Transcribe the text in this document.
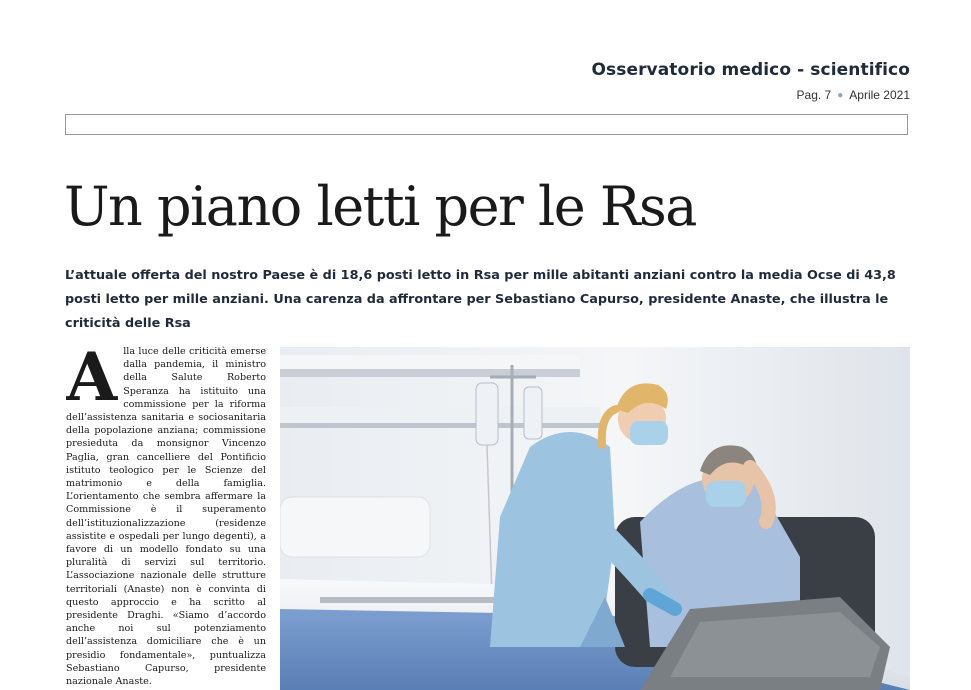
Osservatorio medico - scientifico
Pag. 7 ● Aprile 2021
Un piano letti per le Rsa

L’attuale offerta del nostro Paese è di 18,6 posti letto in Rsa per mille abitanti anziani contro la media Ocse di 43,8 posti letto per mille anziani. Una carenza da affrontare per Sebastiano Capurso, presidente Anaste, che illustra le criticità delle Rsa

A lla luce delle criticità emerse dalla pandemia, il ministro della Salute Roberto Speranza ha istituito una commissione per la riforma dell’assistenza sanitaria e sociosanitaria della popolazione anziana; commissione presieduta da monsignor Vincenzo Paglia, gran cancelliere del Pontificio istituto teologico per le Scienze del matrimonio e della famiglia. L’orientamento che sembra affermare la Commissione è il superamento dell’istituzionalizzazione (residenze assistite e ospedali per lungo degenti), a favore di un modello fondato su una pluralità di servizi sul territorio. L’associazione nazionale delle strutture territoriali (Anaste) non è convinta di questo approccio e ha scritto al presidente Draghi. «Siamo d’accordo anche noi sul potenziamento dell’assistenza domiciliare che è un presidio fondamentale», puntualizza Sebastiano Capurso, presidente nazionale Anaste.
